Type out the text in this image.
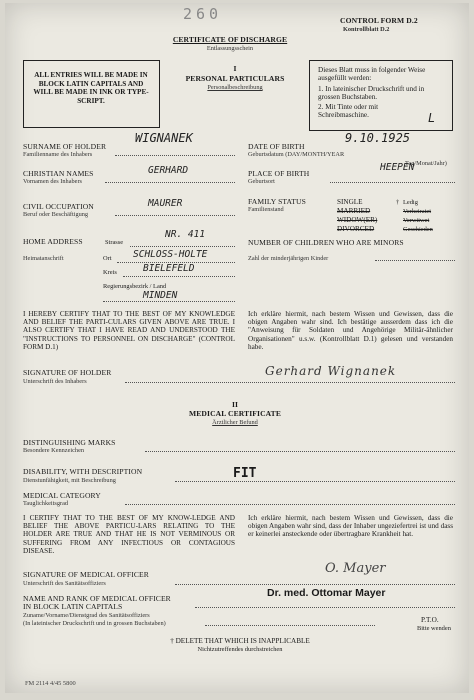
260	CONTROL FORM D.2
Kontrollblatt D.2
CERTIFICATE OF DISCHARGE
Entlassungsschein
ALL ENTRIES WILL BE MADE IN BLOCK LATIN CAPITALS AND WILL BE MADE IN INK OR TYPE-SCRIPT.
I
PERSONAL PARTICULARS
Personalbeschreibung
Dieses Blatt muss in folgender Weise ausgefüllt werden:
1. In lateinischer Druckschrift und in grossen Buchstaben.
2. Mit Tinte oder mit Schreibmaschine.	L
SURNAME OF HOLDER
Familienname des Inhabers
WIGNANEK
CHRISTIAN NAMES
Vornamen des Inhabers
GERHARD
CIVIL OCCUPATION
Beruf oder Beschäftigung
MAURER
HOME ADDRESS	Strasse
NR. 411
Heimatanschrift	Ort SCHLOSS-HOLTE
Kreis	BIELEFELD
Regierungsbezirk / Land
MINDEN
DATE OF BIRTH
Geburtsdatum (DAY/MONTH/YEAR
Tag/Monat/Jahr)
9.10.1925
PLACE OF BIRTH
Geburtsort
HEEPEN
FAMILY STATUS
Familienstand
SINGLE
MARRIED
WIDOW(ER)
DIVORCED
† Ledig
Verheiratet
Verwitwet
Geschieden
NUMBER OF CHILDREN WHO ARE MINORS
Zahl der minderjährigen Kinder
I HEREBY CERTIFY THAT TO THE BEST OF MY KNOWLEDGE AND BELIEF THE PARTI-CULARS GIVEN ABOVE ARE TRUE. I ALSO CERTIFY THAT I HAVE READ AND UNDERSTOOD THE "INSTRUCTIONS TO PERSONNEL ON DISCHARGE" (CONTROL FORM D.1)
Ich erkläre hiermit, nach bestem Wissen und Gewissen, dass die obigen Angaben wahr sind. Ich bestätige ausserdem dass ich die "Anweisung für Soldaten und Angehörige Militär-ähnlicher Organisationen" u.s.w. (Kontrollblatt D.1) gelesen und verstanden habe.
SIGNATURE OF HOLDER
Unterschrift des Inhabers
Gerhard Wignanek
II
MEDICAL CERTIFICATE
Ärztlicher Befund
DISTINGUISHING MARKS
Besondere Kennzeichen
DISABILITY, WITH DESCRIPTION
Dienstunfähigkeit, mit Beschreibung	FIT
MEDICAL CATEGORY
Tauglichkeitsgrad
I CERTIFY THAT TO THE BEST OF MY KNOW-LEDGE AND BELIEF THE ABOVE PARTICU-LARS RELATING TO THE HOLDER ARE TRUE AND THAT HE IS NOT VERMINOUS OR SUFFERING FROM ANY INFECTIOUS OR CONTAGIOUS DISEASE.
Ich erkläre hiermit, nach bestem Wissen und Gewissen, dass die obigen Angaben wahr sind, dass der Inhaber ungeziefertrei ist und dass er keinerlei ansteckende oder übertragbare Krankheit hat.
SIGNATURE OF MEDICAL OFFICER
Unterschrift des Sanitätsoffiziers
O. Mayer
NAME AND RANK OF MEDICAL OFFICER
IN BLOCK LATIN CAPITALS
Zuname/Vorname/Dienstgrad des Sanitätsoffiziers
(In lateinischer Druckschrift und in grossen Buchstaben)
Dr. med. Ottomar Mayer
P.T.O.
Bitte wenden
† DELETE THAT WHICH IS INAPPLICABLE
Nichtzutreffendes durchstreichen
FM 2114 4/45 5800
